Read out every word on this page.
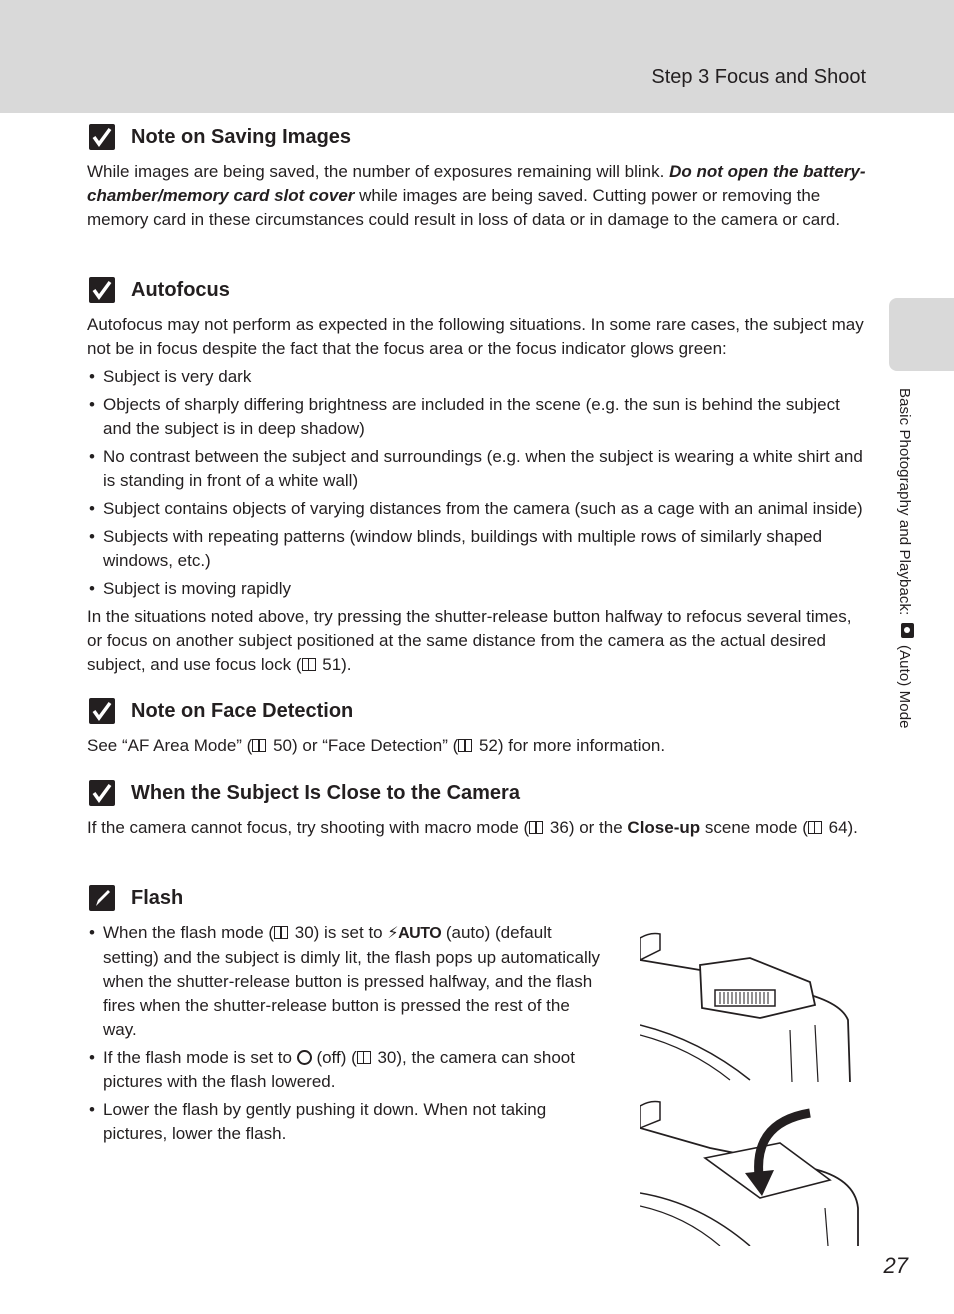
Step 3 Focus and Shoot
Basic Photography and Playback:  (Auto) Mode
Note on Saving Images

While images are being saved, the number of exposures remaining will blink. Do not open the battery-chamber/memory card slot cover while images are being saved. Cutting power or removing the memory card in these circumstances could result in loss of data or in damage to the camera or card.

Autofocus

Autofocus may not perform as expected in the following situations. In some rare cases, the subject may not be in focus despite the fact that the focus area or the focus indicator glows green:

• Subject is very dark
• Objects of sharply differing brightness are included in the scene (e.g. the sun is behind the subject and the subject is in deep shadow)
• No contrast between the subject and surroundings (e.g. when the subject is wearing a white shirt and is standing in front of a white wall)
• Subject contains objects of varying distances from the camera (such as a cage with an animal inside)
• Subjects with repeating patterns (window blinds, buildings with multiple rows of similarly shaped windows, etc.)
• Subject is moving rapidly

In the situations noted above, try pressing the shutter-release button halfway to refocus several times, or focus on another subject positioned at the same distance from the camera as the actual desired subject, and use focus lock ( 51).

Note on Face Detection

See “AF Area Mode” ( 50) or “Face Detection” ( 52) for more information.

When the Subject Is Close to the Camera

If the camera cannot focus, try shooting with macro mode ( 36) or the Close-up scene mode ( 64).

Flash
• When the flash mode ( 30) is set to ⚡AUTO (auto) (default setting) and the subject is dimly lit, the flash pops up automatically when the shutter-release button is pressed halfway, and the flash fires when the shutter-release button is pressed the rest of the way.
• If the flash mode is set to  (off) ( 30), the camera can shoot pictures with the flash lowered.
• Lower the flash by gently pushing it down. When not taking pictures, lower the flash.
27
